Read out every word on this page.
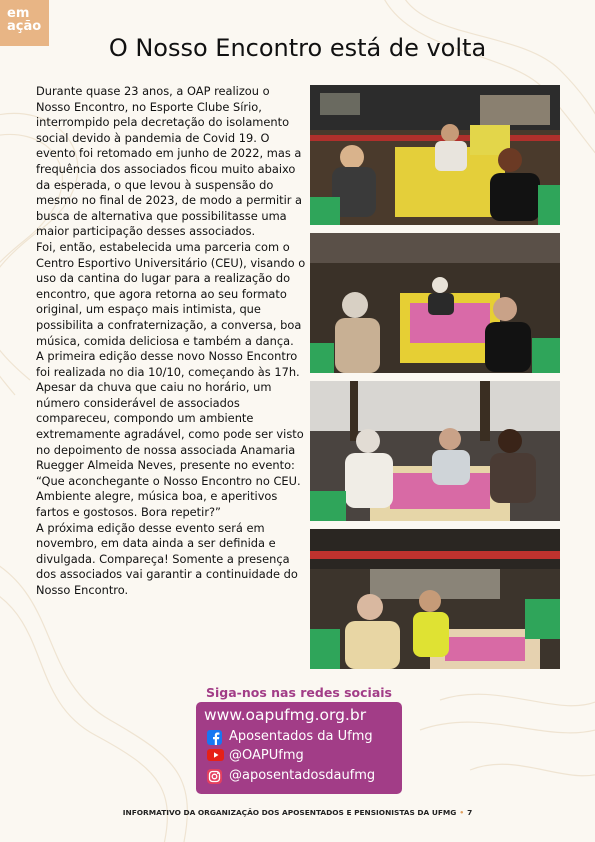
em
ação
O Nosso Encontro está de volta

Durante quase 23 anos, a OAP realizou o Nosso Encontro, no Esporte Clube Sírio, interrompido pela decretação do isolamento social devido à pandemia de Covid 19. O evento foi retomado em junho de 2022, mas a frequência dos associados ficou muito abaixo da esperada, o que levou à suspensão do mesmo no final de 2023, de modo a permitir a busca de alternativa que possibilitasse uma maior participação desses associados.

Foi, então, estabelecida uma parceria com o Centro Esportivo Universitário (CEU), visando o uso da cantina do lugar para a realização do encontro, que agora retorna ao seu formato original, um espaço mais intimista, que possibilita a confraternização, a conversa, boa música, comida deliciosa e também a dança.

A primeira edição desse novo Nosso Encontro foi realizada no dia 10/10, começando às 17h. Apesar da chuva que caiu no horário, um número considerável de associados compareceu, compondo um ambiente extremamente agradável, como pode ser visto no depoimento de nossa associada Anamaria Ruegger Almeida Neves, presente no evento: “Que aconchegante o Nosso Encontro no CEU. Ambiente alegre, música boa, e aperitivos fartos e gostosos. Bora repetir?”

A próxima edição desse evento será em novembro, em data ainda a ser definida e divulgada. Compareça! Somente a presença dos associados vai garantir a continuidade do Nosso Encontro.

Siga-nos nas redes sociais
www.oapufmg.org.br
Aposentados da Ufmg
@OAPUfmg
@aposentadosdaufmg
INFORMATIVO DA ORGANIZAÇÃO DOS APOSENTADOS E PENSIONISTAS DA UFMG • 7
